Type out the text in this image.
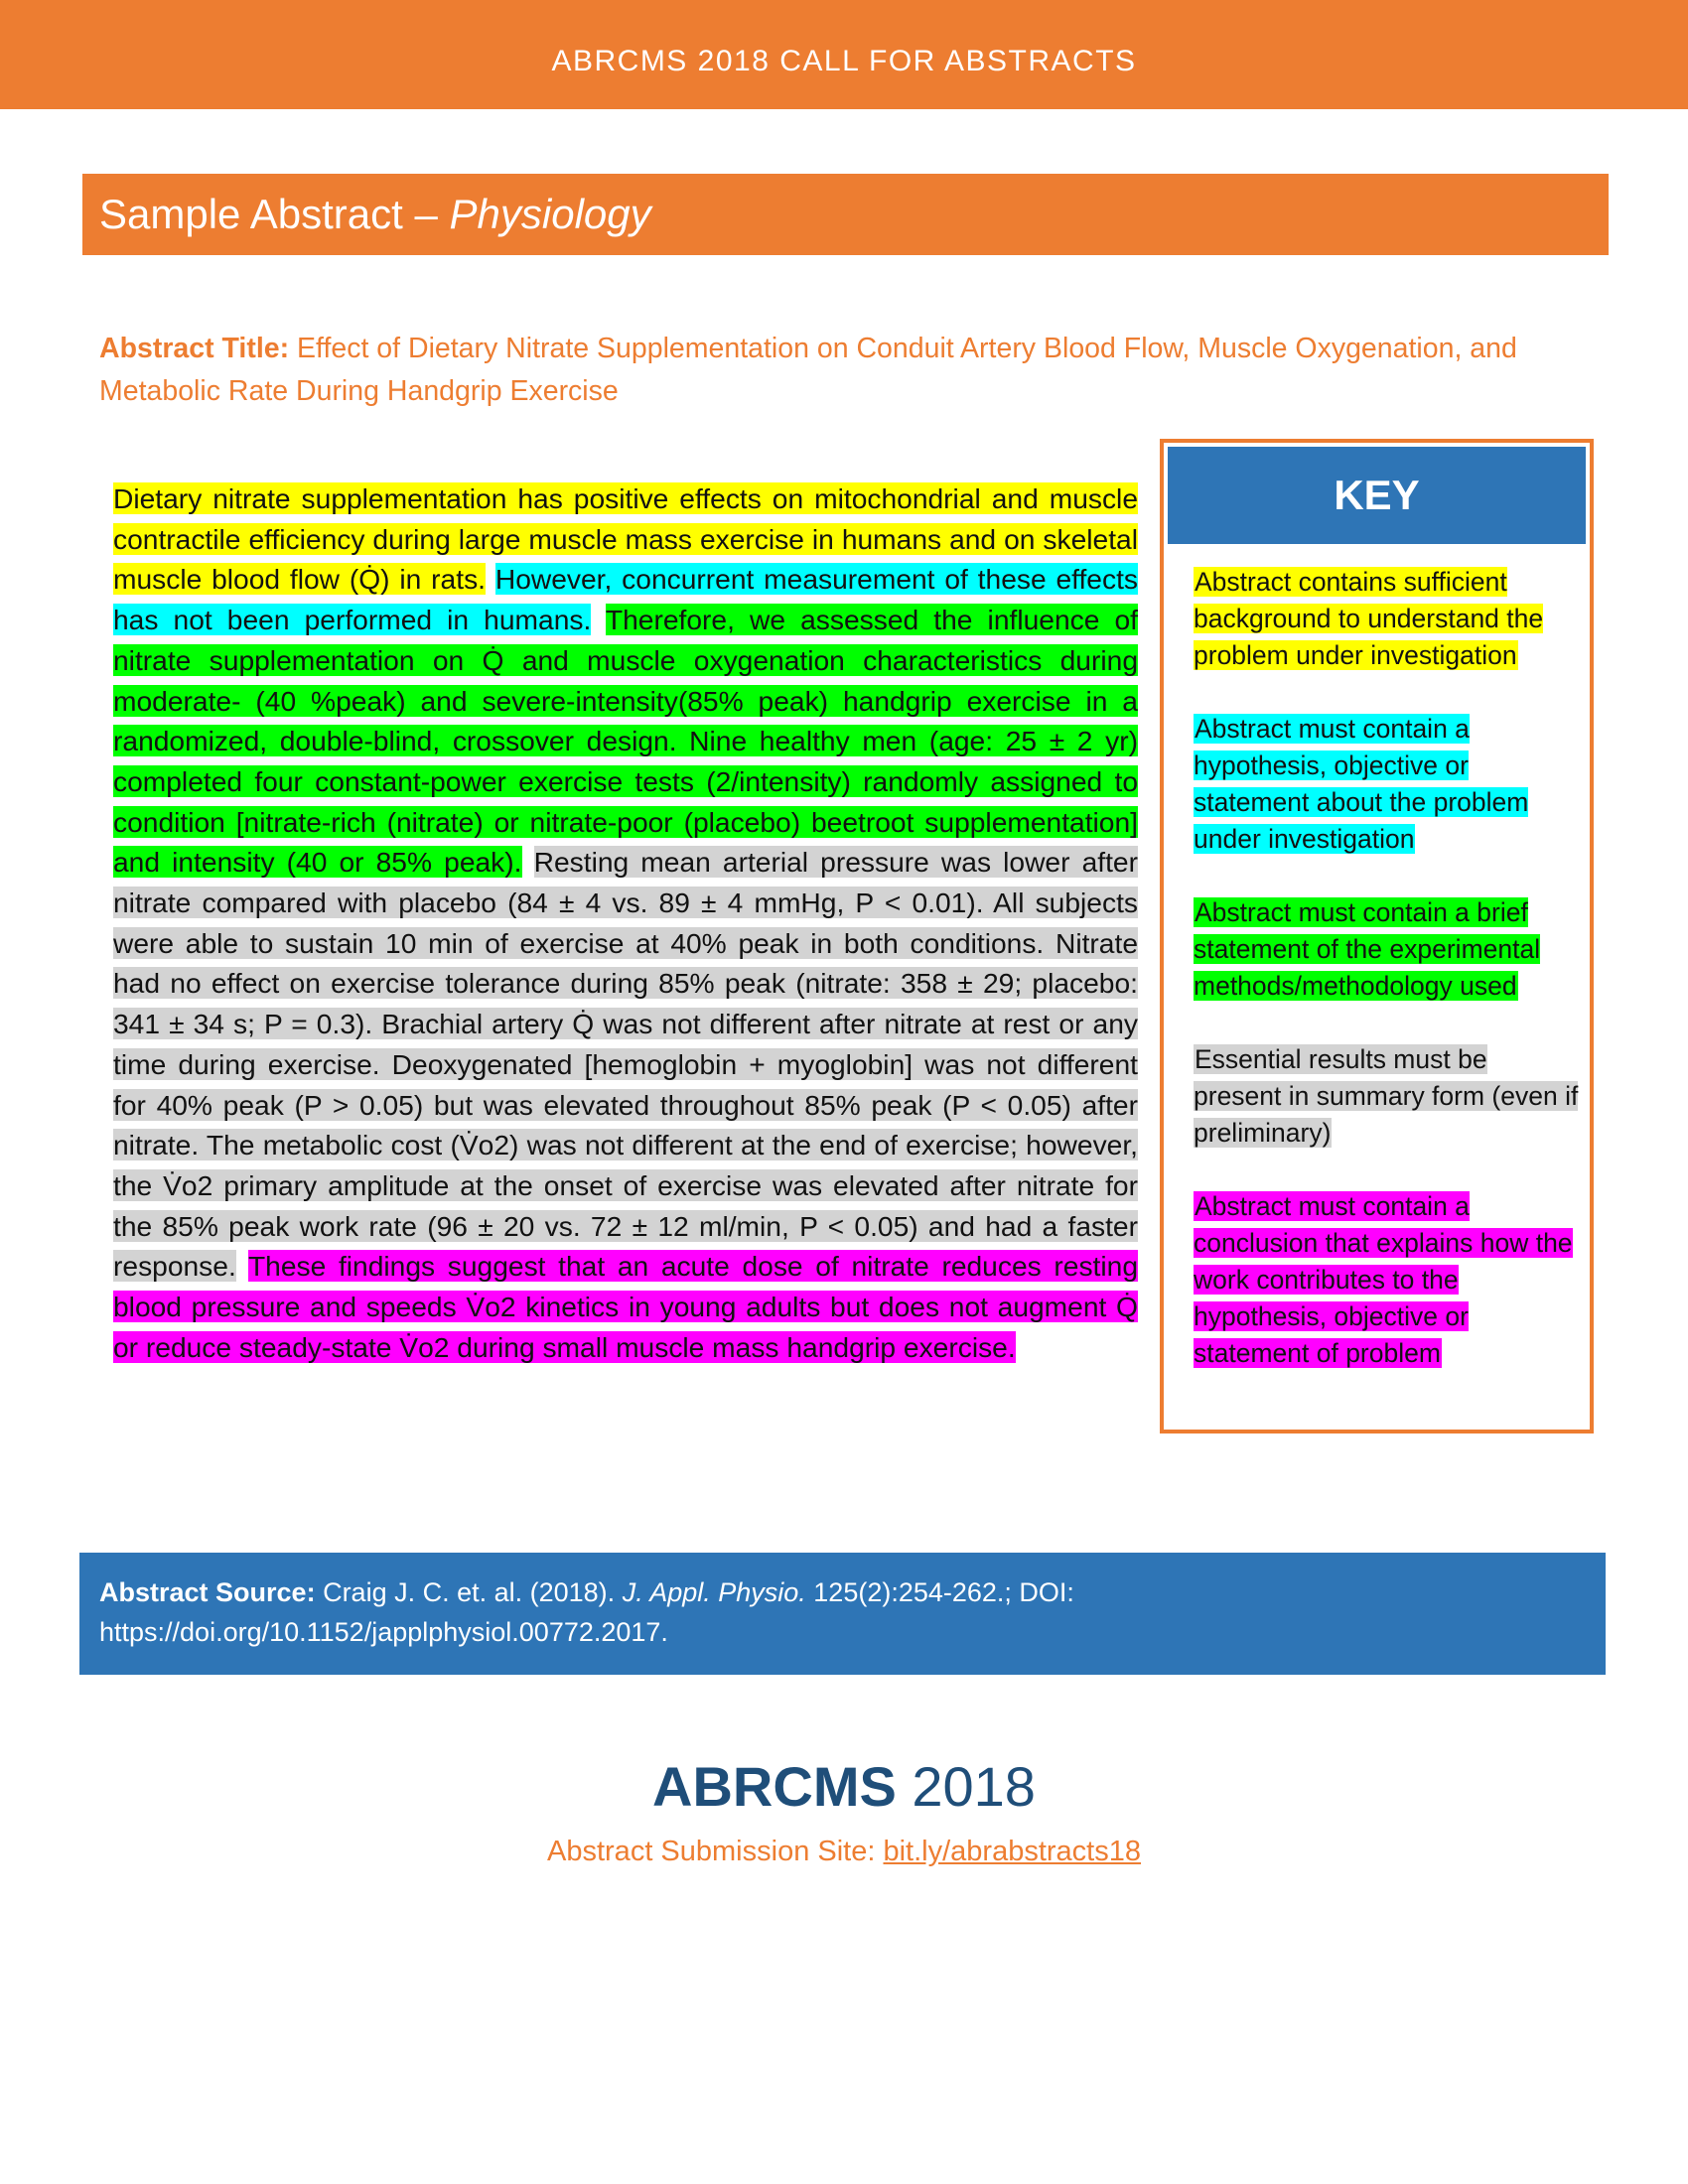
ABRCMS 2018 CALL FOR ABSTRACTS
Sample Abstract – Physiology
Abstract Title: Effect of Dietary Nitrate Supplementation on Conduit Artery Blood Flow, Muscle Oxygenation, and Metabolic Rate During Handgrip Exercise

Dietary nitrate supplementation has positive effects on mitochondrial and muscle contractile efficiency during large muscle mass exercise in humans and on skeletal muscle blood flow (Q̇) in rats. However, concurrent measurement of these effects has not been performed in humans. Therefore, we assessed the influence of nitrate supplementation on Q̇ and muscle oxygenation characteristics during moderate- (40 %peak) and severe-intensity(85% peak) handgrip exercise in a randomized, double-blind, crossover design. Nine healthy men (age: 25 ± 2 yr) completed four constant-power exercise tests (2/intensity) randomly assigned to condition [nitrate-rich (nitrate) or nitrate-poor (placebo) beetroot supplementation] and intensity (40 or 85% peak). Resting mean arterial pressure was lower after nitrate compared with placebo (84 ± 4 vs. 89 ± 4 mmHg, P < 0.01). All subjects were able to sustain 10 min of exercise at 40% peak in both conditions. Nitrate had no effect on exercise tolerance during 85% peak (nitrate: 358 ± 29; placebo: 341 ± 34 s; P = 0.3). Brachial artery Q̇ was not different after nitrate at rest or any time during exercise. Deoxygenated [hemoglobin + myoglobin] was not different for 40% peak (P > 0.05) but was elevated throughout 85% peak (P < 0.05) after nitrate. The metabolic cost (V̇o2) was not different at the end of exercise; however, the V̇o2 primary amplitude at the onset of exercise was elevated after nitrate for the 85% peak work rate (96 ± 20 vs. 72 ± 12 ml/min, P < 0.05) and had a faster response. These findings suggest that an acute dose of nitrate reduces resting blood pressure and speeds V̇o2 kinetics in young adults but does not augment Q̇ or reduce steady-state V̇o2 during small muscle mass handgrip exercise.

KEY
Abstract contains sufficient background to understand the problem under investigation
Abstract must contain a hypothesis, objective or statement about the problem under investigation
Abstract must contain a brief statement of the experimental methods/methodology used
Essential results must be present in summary form (even if preliminary)
Abstract must contain a conclusion that explains how the work contributes to the hypothesis, objective or statement of problem
Abstract Source: Craig J. C. et. al. (2018). J. Appl. Physio. 125(2):254-262.; DOI: https://doi.org/10.1152/japplphysiol.00772.2017.
ABRCMS 2018
Abstract Submission Site: bit.ly/abrabstracts18
